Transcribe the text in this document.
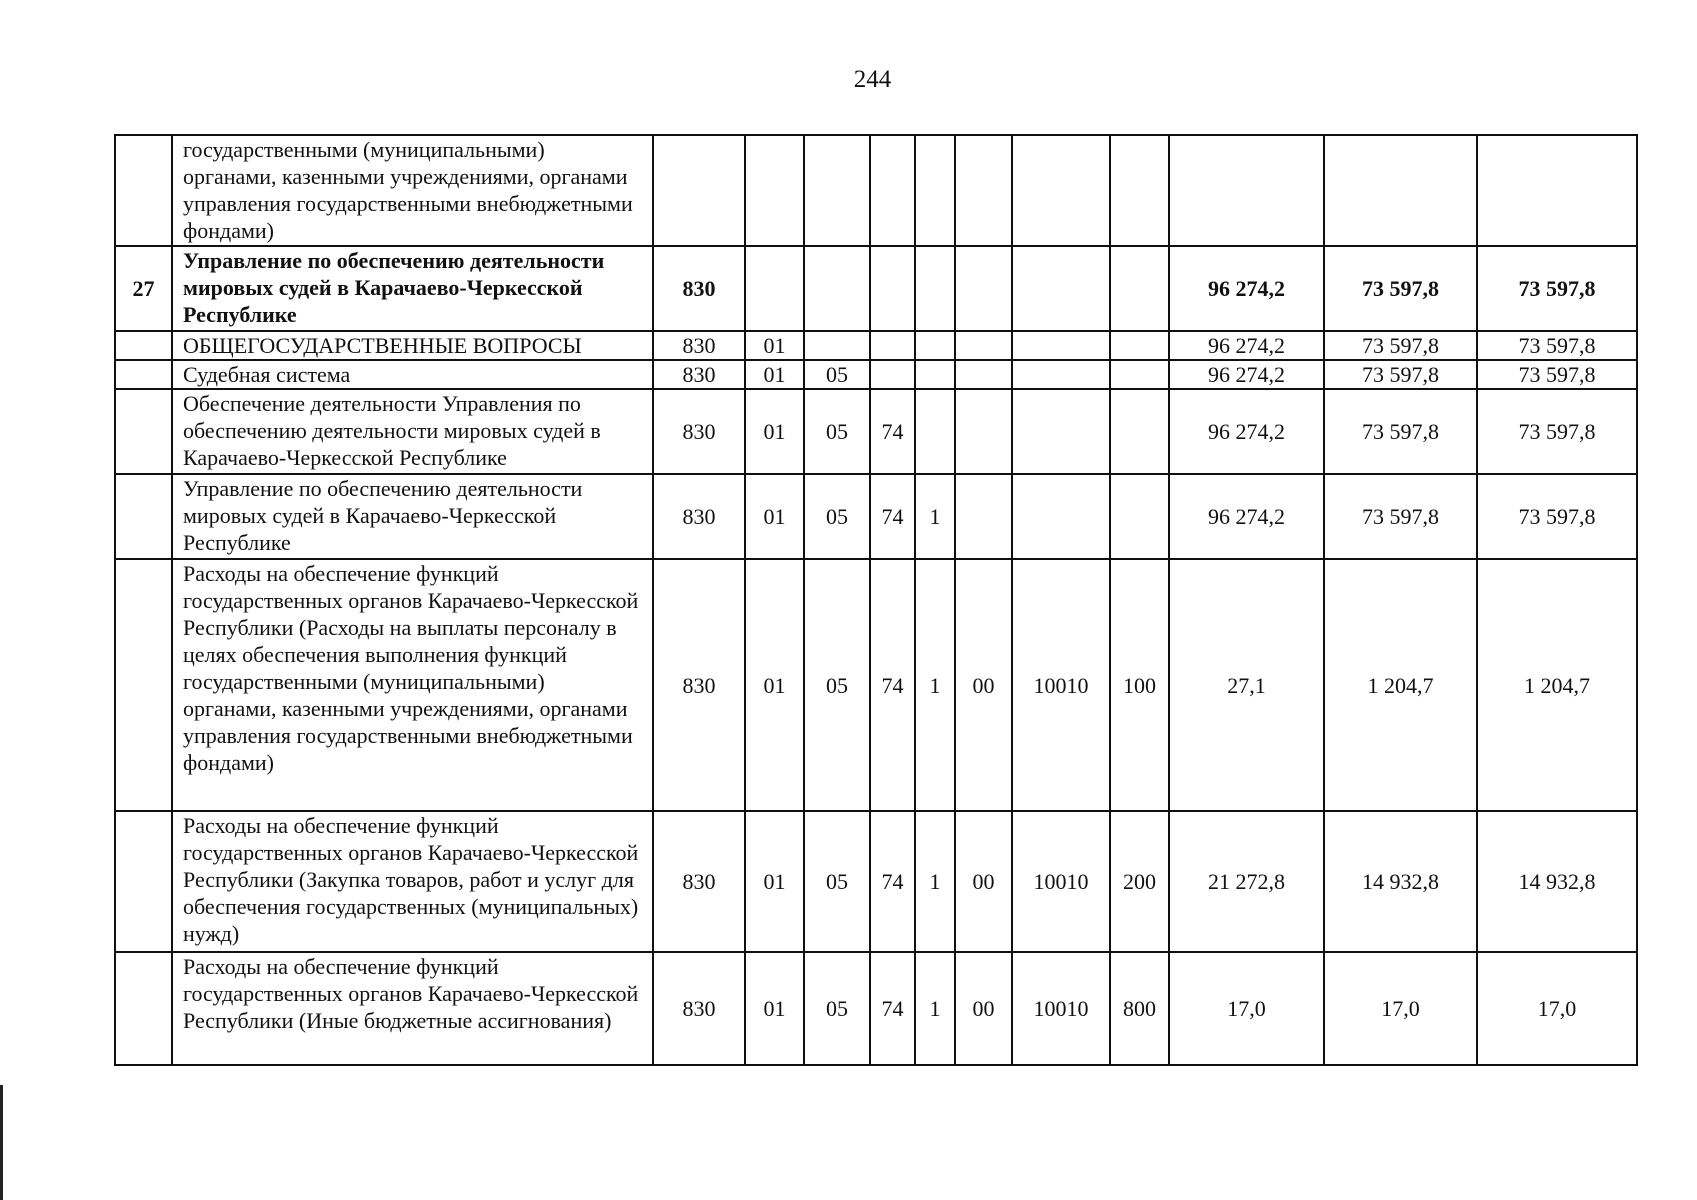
244
	государственными (муниципальными) органами, казенными учреждениями, органами управления государственными внебюджетными фондами)											
27	Управление по обеспечению деятельности мировых судей в Карачаево-Черкесской Республике	830								96 274,2	73 597,8	73 597,8
	ОБЩЕГОСУДАРСТВЕННЫЕ ВОПРОСЫ	830	01							96 274,2	73 597,8	73 597,8
	Судебная система	830	01	05						96 274,2	73 597,8	73 597,8
	Обеспечение деятельности Управления по обеспечению деятельности мировых судей в Карачаево-Черкесской Республике	830	01	05	74					96 274,2	73 597,8	73 597,8
	Управление по обеспечению деятельности мировых судей в Карачаево-Черкесской Республике	830	01	05	74	1				96 274,2	73 597,8	73 597,8
	Расходы на обеспечение функций государственных органов Карачаево-Черкесской Республики (Расходы на выплаты персоналу в целях обеспечения выполнения функций государственными (муниципальными) органами, казенными учреждениями, органами управления государственными внебюджетными фондами)	830	01	05	74	1	00	10010	100	27,1	1 204,7	1 204,7
	Расходы на обеспечение функций государственных органов Карачаево-Черкесской Республики (Закупка товаров, работ и услуг для обеспечения государственных (муниципальных) нужд)	830	01	05	74	1	00	10010	200	21 272,8	14 932,8	14 932,8
	Расходы на обеспечение функций государственных органов Карачаево-Черкесской Республики (Иные бюджетные ассигнования)	830	01	05	74	1	00	10010	800	17,0	17,0	17,0
